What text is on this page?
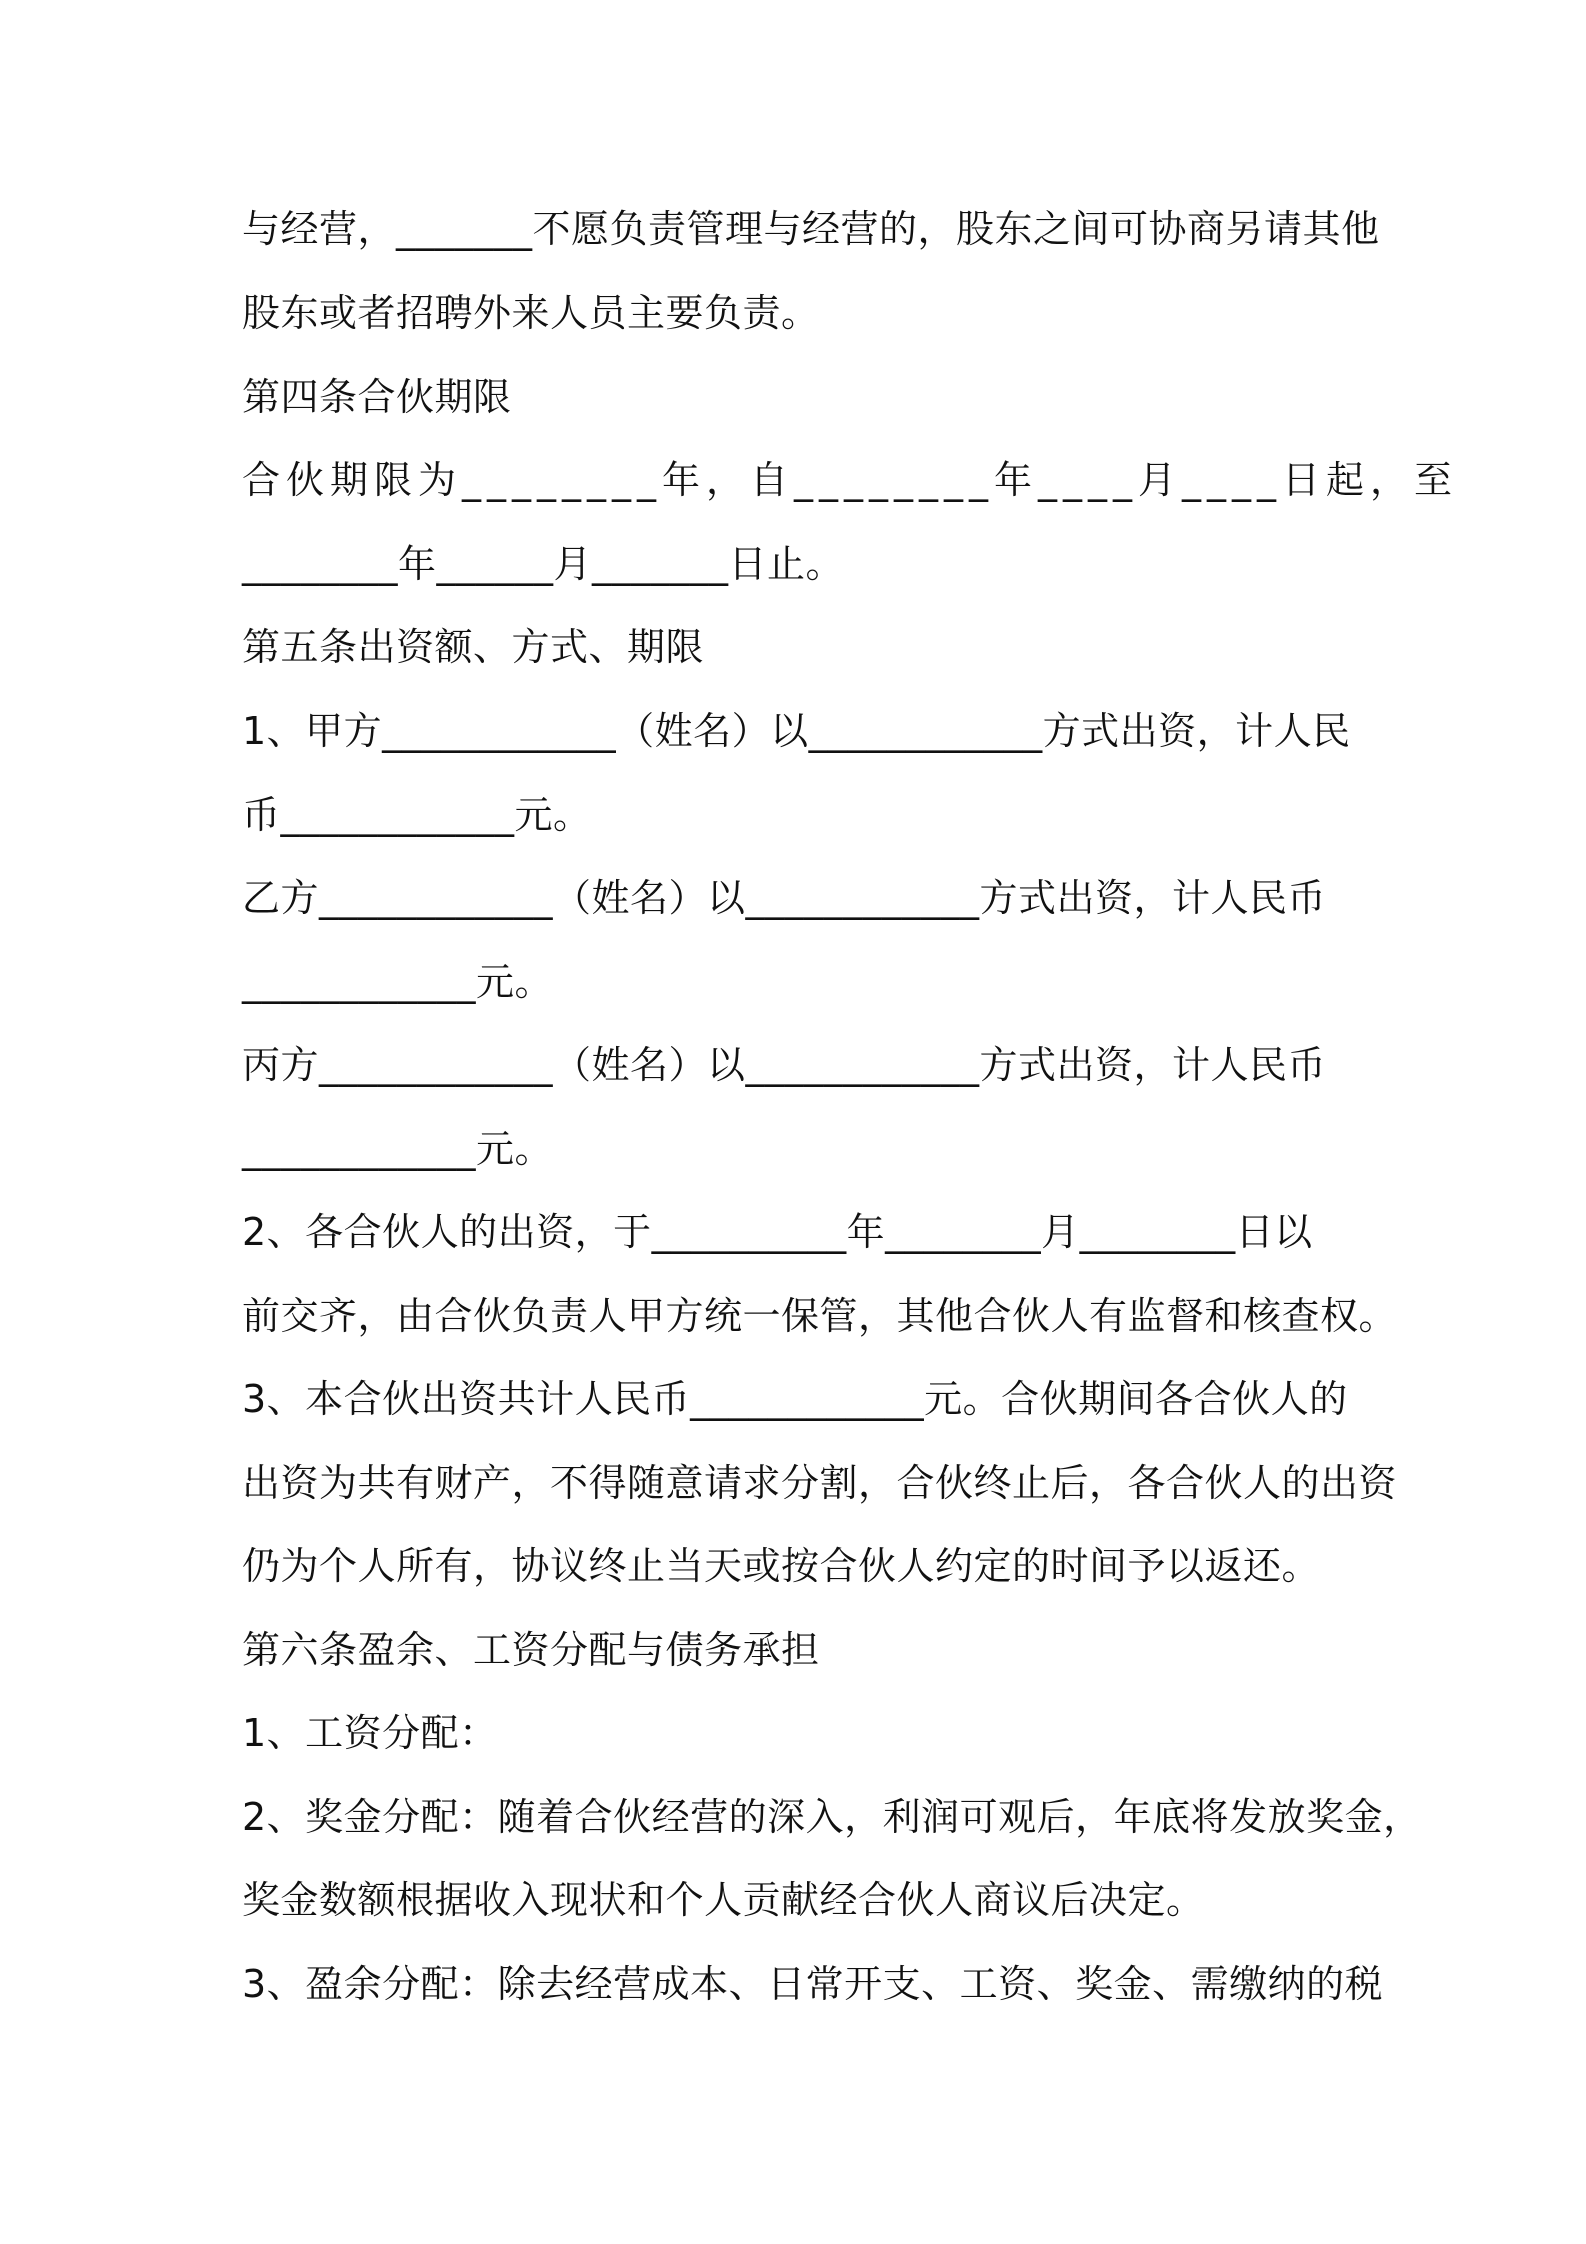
与经营，_______不愿负责管理与经营的，股东之间可协商另请其他
股东或者招聘外来人员主要负责。
第四条合伙期限
合伙期限为________年，自________年____月____日起，至
________年______月_______日止。
第五条出资额、方式、期限
1、甲方____________（姓名）以____________方式出资，计人民
币____________元。
乙方____________（姓名）以____________方式出资，计人民币
____________元。
丙方____________（姓名）以____________方式出资，计人民币
____________元。
2、各合伙人的出资，于__________年________月________日以
前交齐，由合伙负责人甲方统一保管，其他合伙人有监督和核查权。
3、本合伙出资共计人民币____________元。合伙期间各合伙人的
出资为共有财产，不得随意请求分割，合伙终止后，各合伙人的出资
仍为个人所有，协议终止当天或按合伙人约定的时间予以返还。
第六条盈余、工资分配与债务承担
1、工资分配：
2、奖金分配：随着合伙经营的深入，利润可观后，年底将发放奖金，
奖金数额根据收入现状和个人贡献经合伙人商议后决定。
3、盈余分配：除去经营成本、日常开支、工资、奖金、需缴纳的税
